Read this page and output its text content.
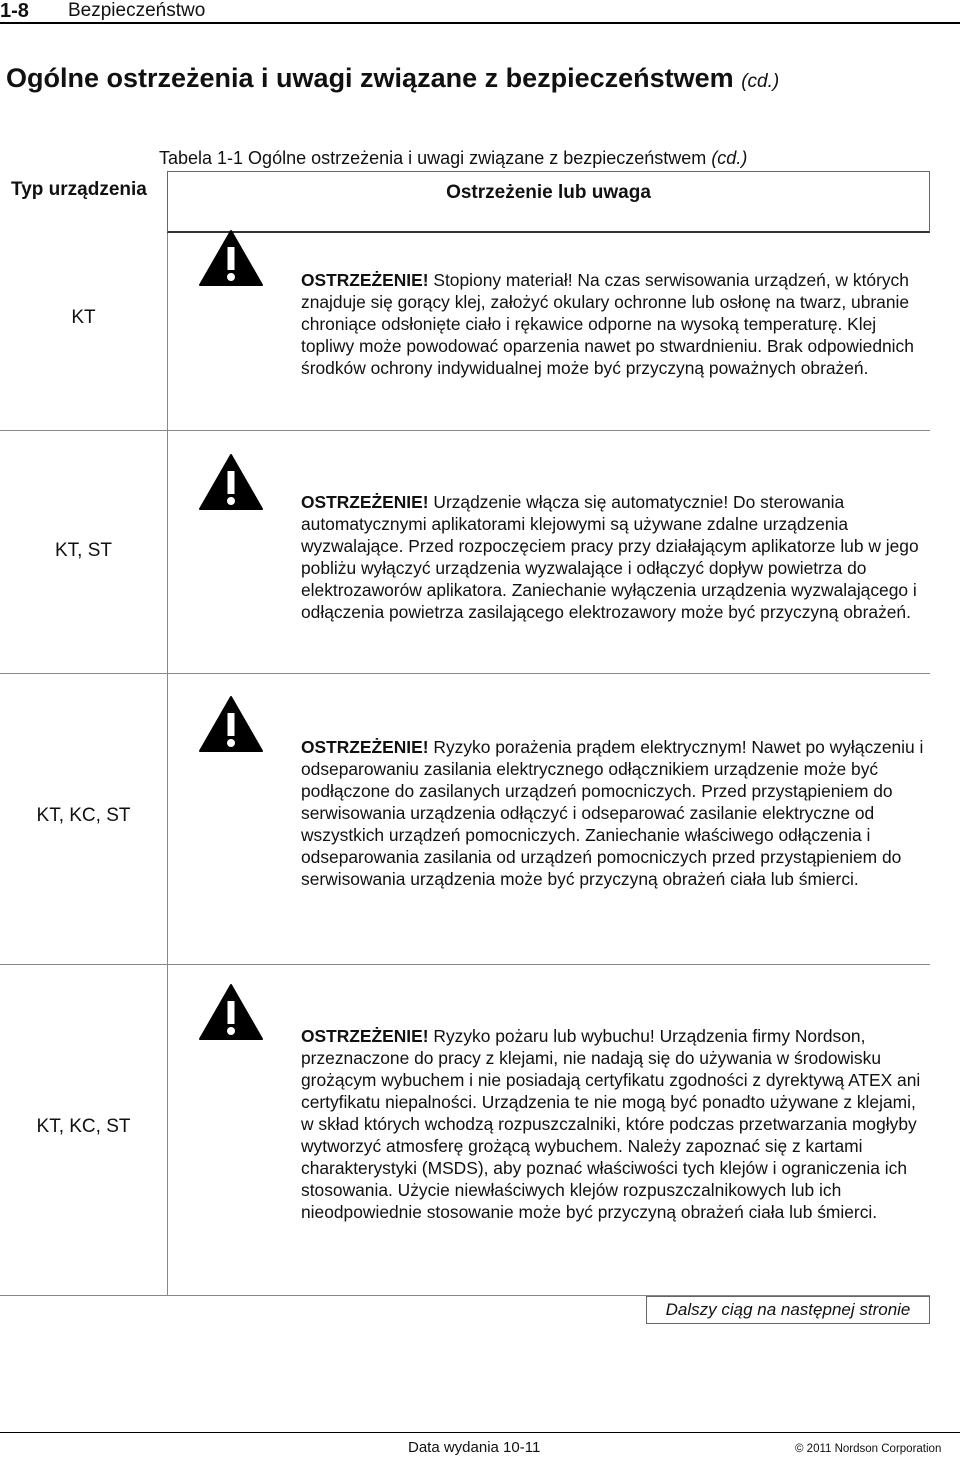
1-8 Bezpieczeństwo
Ogólne ostrzeżenia i uwagi związane z bezpieczeństwem (cd.)
Tabela 1-1 Ogólne ostrzeżenia i uwagi związane z bezpieczeństwem (cd.)
Typ urządzenia	Ostrzeżenie lub uwaga
KT
OSTRZEŻENIE! Stopiony materiał! Na czas serwisowania urządzeń, w których znajduje się gorący klej, założyć okulary ochronne lub osłonę na twarz, ubranie chroniące odsłonięte ciało i rękawice odporne na wysoką temperaturę. Klej topliwy może powodować oparzenia nawet po stwardnieniu. Brak odpowiednich środków ochrony indywidualnej może być przyczyną poważnych obrażeń.
KT, ST
OSTRZEŻENIE! Urządzenie włącza się automatycznie! Do sterowania automatycznymi aplikatorami klejowymi są używane zdalne urządzenia wyzwalające. Przed rozpoczęciem pracy przy działającym aplikatorze lub w jego pobliżu wyłączyć urządzenia wyzwalające i odłączyć dopływ powietrza do elektrozaworów aplikatora. Zaniechanie wyłączenia urządzenia wyzwalającego i odłączenia powietrza zasilającego elektrozawory może być przyczyną obrażeń.
KT, KC, ST
OSTRZEŻENIE! Ryzyko porażenia prądem elektrycznym! Nawet po wyłączeniu i odseparowaniu zasilania elektrycznego odłącznikiem urządzenie może być podłączone do zasilanych urządzeń pomocniczych. Przed przystąpieniem do serwisowania urządzenia odłączyć i odseparować zasilanie elektryczne od wszystkich urządzeń pomocniczych. Zaniechanie właściwego odłączenia i odseparowania zasilania od urządzeń pomocniczych przed przystąpieniem do serwisowania urządzenia może być przyczyną obrażeń ciała lub śmierci.
KT, KC, ST
OSTRZEŻENIE! Ryzyko pożaru lub wybuchu! Urządzenia firmy Nordson, przeznaczone do pracy z klejami, nie nadają się do używania w środowisku grożącym wybuchem i nie posiadają certyfikatu zgodności z dyrektywą ATEX ani certyfikatu niepalności. Urządzenia te nie mogą być ponadto używane z klejami, w skład których wchodzą rozpuszczalniki, które podczas przetwarzania mogłyby wytworzyć atmosferę grożącą wybuchem. Należy zapoznać się z kartami charakterystyki (MSDS), aby poznać właściwości tych klejów i ograniczenia ich stosowania. Użycie niewłaściwych klejów rozpuszczalnikowych lub ich nieodpowiednie stosowanie może być przyczyną obrażeń ciała lub śmierci.
Dalszy ciąg na następnej stronie
Data wydania 10-11	© 2011 Nordson Corporation
